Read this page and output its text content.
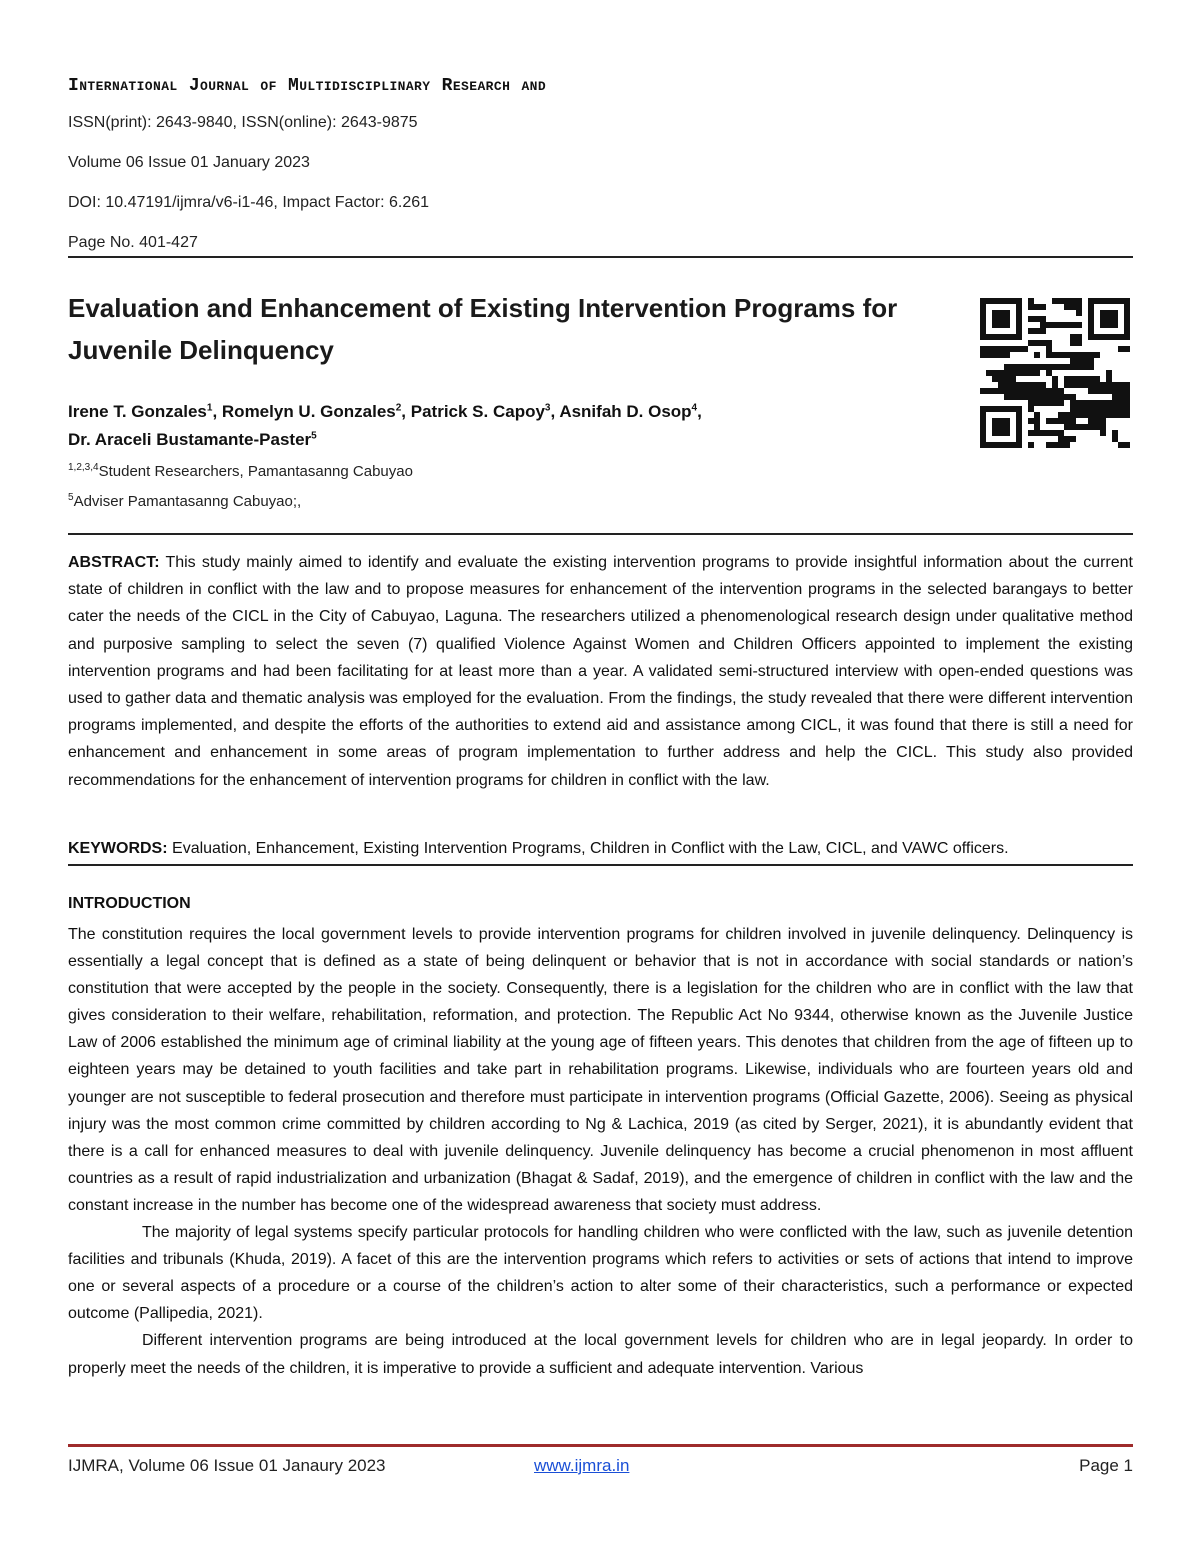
International Journal of Multidisciplinary Research and
ISSN(print): 2643-9840, ISSN(online): 2643-9875
Volume 06 Issue 01 January 2023
DOI: 10.47191/ijmra/v6-i1-46, Impact Factor: 6.261
Page No. 401-427
Evaluation and Enhancement of Existing Intervention Programs for Juvenile Delinquency
Irene T. Gonzales$^1$, Romelyn U. Gonzales$^2$, Patrick S. Capoy$^3$, Asnifah D. Osop$^4$,
Dr. Araceli Bustamante-Paster$^5$
$^{1,2,3,4}$Student Researchers, Pamantasanng Cabuyao
$^5$Adviser Pamantasanng Cabuyao;,
ABSTRACT: This study mainly aimed to identify and evaluate the existing intervention programs to provide insightful information about the current state of children in conflict with the law and to propose measures for enhancement of the intervention programs in the selected barangays to better cater the needs of the CICL in the City of Cabuyao, Laguna. The researchers utilized a phenomenological research design under qualitative method and purposive sampling to select the seven (7) qualified Violence Against Women and Children Officers appointed to implement the existing intervention programs and had been facilitating for at least more than a year. A validated semi-structured interview with open-ended questions was used to gather data and thematic analysis was employed for the evaluation. From the findings, the study revealed that there were different intervention programs implemented, and despite the efforts of the authorities to extend aid and assistance among CICL, it was found that there is still a need for enhancement and enhancement in some areas of program implementation to further address and help the CICL. This study also provided recommendations for the enhancement of intervention programs for children in conflict with the law.
KEYWORDS: Evaluation, Enhancement, Existing Intervention Programs, Children in Conflict with the Law, CICL, and VAWC officers.
INTRODUCTION

The constitution requires the local government levels to provide intervention programs for children involved in juvenile delinquency. Delinquency is essentially a legal concept that is defined as a state of being delinquent or behavior that is not in accordance with social standards or nation’s constitution that were accepted by the people in the society. Consequently, there is a legislation for the children who are in conflict with the law that gives consideration to their welfare, rehabilitation, reformation, and protection. The Republic Act No 9344, otherwise known as the Juvenile Justice Law of 2006 established the minimum age of criminal liability at the young age of fifteen years. This denotes that children from the age of fifteen up to eighteen years may be detained to youth facilities and take part in rehabilitation programs. Likewise, individuals who are fourteen years old and younger are not susceptible to federal prosecution and therefore must participate in intervention programs (Official Gazette, 2006). Seeing as physical injury was the most common crime committed by children according to Ng & Lachica, 2019 (as cited by Serger, 2021), it is abundantly evident that there is a call for enhanced measures to deal with juvenile delinquency. Juvenile delinquency has become a crucial phenomenon in most affluent countries as a result of rapid industrialization and urbanization (Bhagat & Sadaf, 2019), and the emergence of children in conflict with the law and the constant increase in the number has become one of the widespread awareness that society must address.

The majority of legal systems specify particular protocols for handling children who were conflicted with the law, such as juvenile detention facilities and tribunals (Khuda, 2019). A facet of this are the intervention programs which refers to activities or sets of actions that intend to improve one or several aspects of a procedure or a course of the children’s action to alter some of their characteristics, such a performance or expected outcome (Pallipedia, 2021).

Different intervention programs are being introduced at the local government levels for children who are in legal jeopardy. In order to properly meet the needs of the children, it is imperative to provide a sufficient and adequate intervention. Various

IJMRA, Volume 06 Issue 01 Janaury 2023	www.ijmra.in	Page 1
